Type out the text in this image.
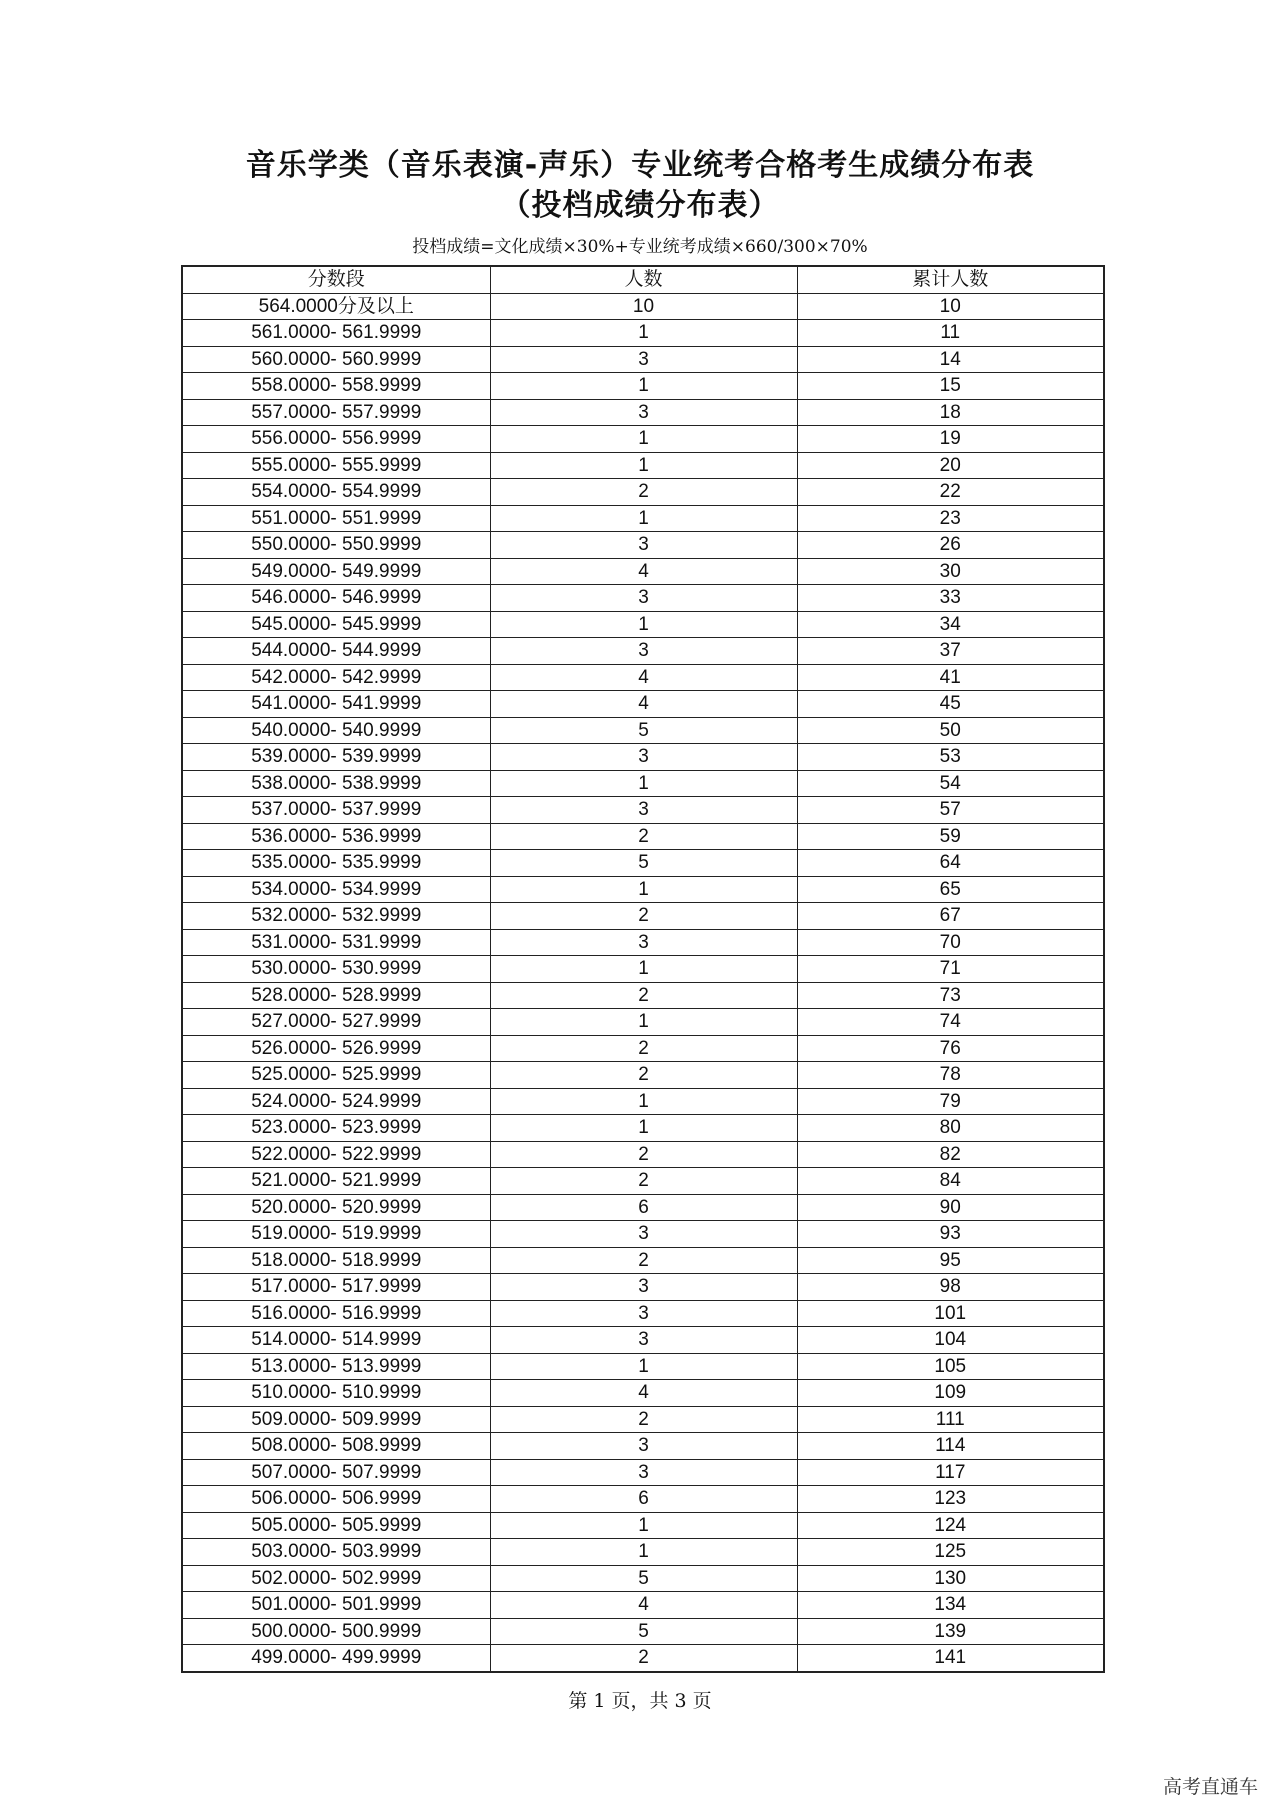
音乐学类（音乐表演-声乐）专业统考合格考生成绩分布表
（投档成绩分布表）
投档成绩=文化成绩×30%+专业统考成绩×660/300×70%
分数段	人数	累计人数
564.0000分及以上	10	10
561.0000- 561.9999	1	11
560.0000- 560.9999	3	14
558.0000- 558.9999	1	15
557.0000- 557.9999	3	18
556.0000- 556.9999	1	19
555.0000- 555.9999	1	20
554.0000- 554.9999	2	22
551.0000- 551.9999	1	23
550.0000- 550.9999	3	26
549.0000- 549.9999	4	30
546.0000- 546.9999	3	33
545.0000- 545.9999	1	34
544.0000- 544.9999	3	37
542.0000- 542.9999	4	41
541.0000- 541.9999	4	45
540.0000- 540.9999	5	50
539.0000- 539.9999	3	53
538.0000- 538.9999	1	54
537.0000- 537.9999	3	57
536.0000- 536.9999	2	59
535.0000- 535.9999	5	64
534.0000- 534.9999	1	65
532.0000- 532.9999	2	67
531.0000- 531.9999	3	70
530.0000- 530.9999	1	71
528.0000- 528.9999	2	73
527.0000- 527.9999	1	74
526.0000- 526.9999	2	76
525.0000- 525.9999	2	78
524.0000- 524.9999	1	79
523.0000- 523.9999	1	80
522.0000- 522.9999	2	82
521.0000- 521.9999	2	84
520.0000- 520.9999	6	90
519.0000- 519.9999	3	93
518.0000- 518.9999	2	95
517.0000- 517.9999	3	98
516.0000- 516.9999	3	101
514.0000- 514.9999	3	104
513.0000- 513.9999	1	105
510.0000- 510.9999	4	109
509.0000- 509.9999	2	111
508.0000- 508.9999	3	114
507.0000- 507.9999	3	117
506.0000- 506.9999	6	123
505.0000- 505.9999	1	124
503.0000- 503.9999	1	125
502.0000- 502.9999	5	130
501.0000- 501.9999	4	134
500.0000- 500.9999	5	139
499.0000- 499.9999	2	141
第 1 页，共 3 页
高考直通车
